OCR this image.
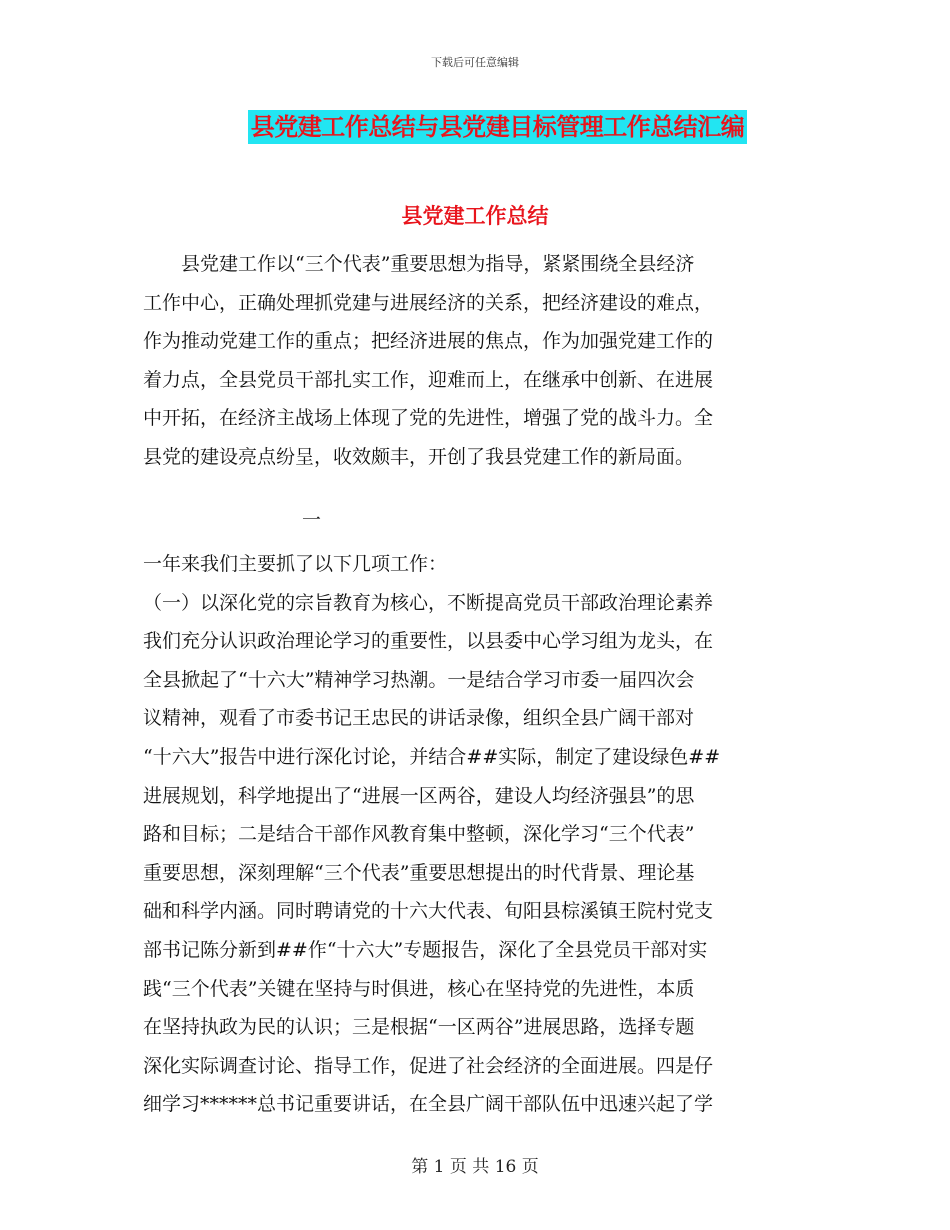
下载后可任意编辑
县党建工作总结与县党建目标管理工作总结汇编
县党建工作总结
　　县党建工作以“三个代表”重要思想为指导，紧紧围绕全县经济
工作中心，正确处理抓党建与进展经济的关系，把经济建设的难点，
作为推动党建工作的重点；把经济进展的焦点，作为加强党建工作的
着力点，全县党员干部扎实工作，迎难而上，在继承中创新、在进展
中开拓，在经济主战场上体现了党的先进性，增强了党的战斗力。全
县党的建设亮点纷呈，收效颇丰，开创了我县党建工作的新局面。
一
一年来我们主要抓了以下几项工作：
（一）以深化党的宗旨教育为核心，不断提高党员干部政治理论素养
我们充分认识政治理论学习的重要性，以县委中心学习组为龙头，在
全县掀起了“十六大”精神学习热潮。一是结合学习市委一届四次会
议精神，观看了市委书记王忠民的讲话录像，组织全县广阔干部对
“十六大”报告中进行深化讨论，并结合##实际，制定了建设绿色##
进展规划，科学地提出了“进展一区两谷，建设人均经济强县”的思
路和目标；二是结合干部作风教育集中整顿，深化学习“三个代表”
重要思想，深刻理解“三个代表”重要思想提出的时代背景、理论基
础和科学内涵。同时聘请党的十六大代表、旬阳县棕溪镇王院村党支
部书记陈分新到##作“十六大”专题报告，深化了全县党员干部对实
践“三个代表”关键在坚持与时俱进，核心在坚持党的先进性，本质
在坚持执政为民的认识；三是根据“一区两谷”进展思路，选择专题
深化实际调查讨论、指导工作，促进了社会经济的全面进展。四是仔
细学习******总书记重要讲话，在全县广阔干部队伍中迅速兴起了学
第 1 页 共 16 页
